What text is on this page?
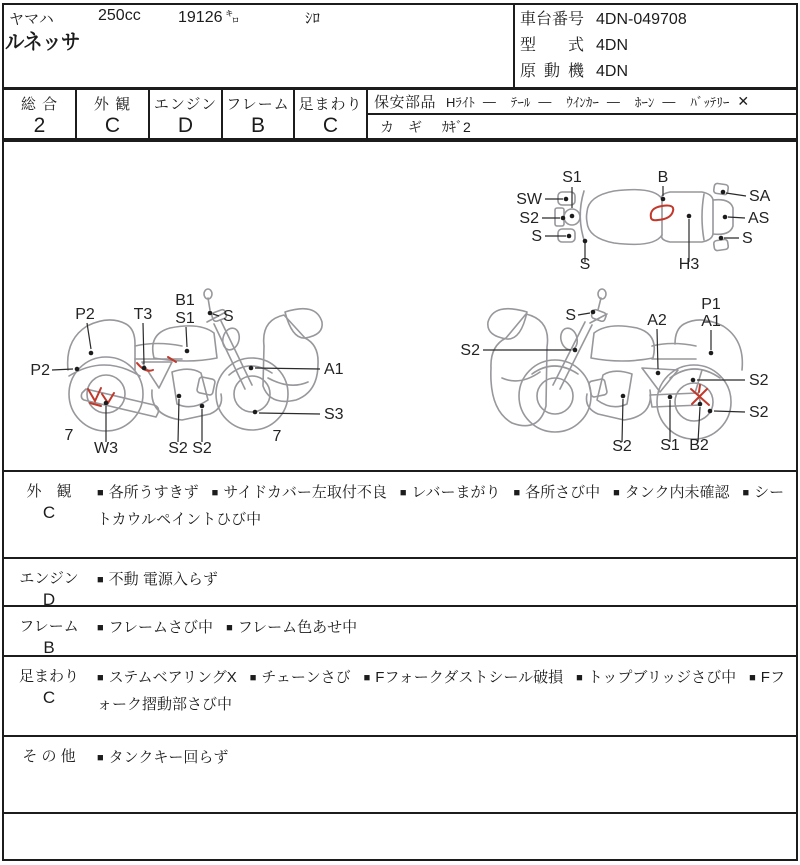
ヤマハ	250cc 19126 ㌔	ｼﾛ
ルネッサ
車台番号 4DN-049708
型式 4DN
原動機 4DN
総 合
2
外 観
C
エンジン
D
フレーム
B
足まわり
C
保安部品 Hﾗｲﾄ ― ﾃｰﾙ ― ｳｲﾝｶｰ ― ﾎｰﾝ ― ﾊﾞｯﾃﾘｰ ✕
カ　ギ ｶｷﾞ2
S1	B
SA
SW
S2
S
AS
S
S	H3
P2 T3
B1
S1 S
P2	A1
S3
7
W3	S2 S2
7
S	A2
P1
A1
S2
S2
S2
S2 S1 B2
外　観
C
■ 各所うすきず ■ サイドカバー左取付不良 ■ レバーまがり ■ 各所さび中 ■ タンク内未確認 ■ シートカウルペイントひび中
エンジン
D
■ 不動 電源入らず
フレーム
B
■ フレームさび中 ■ フレーム色あせ中
足まわり
C
■ ステムベアリングX ■ チェーンさび ■ Fフォークダストシール破損 ■ トップブリッジさび中 ■ Fフォーク摺動部さび中
そ の 他	■ タンクキー回らず
